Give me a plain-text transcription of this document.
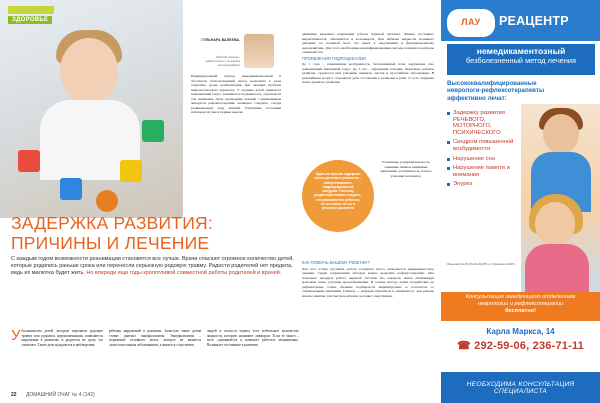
ЗДОРОВЬЕ
ГУЛЬНАРА ВАЛЕЕВА,
детский психолог, нейропсихолог с 8-летним опытом работы
Индивидуальный подход, немедикаментозный и абсолютно безболезненный метод позволяют в разы сократить сроки реабилитации при лечении проблем неврологического характера. У трудных детей снимается повышенный тонус, развивается подвижность, улучшается сон, внимание. Дети, прошедшие лечение с применением аппаратов рефлексотерапии, начинают говорить, следуя развивающему ходу занятий. Улучшение состояния наблюдается уже в первые недели.
ЗАДЕРЖКА РАЗВИТИЯ:
ПРИЧИНЫ И ЛЕЧЕНИЕ
С каждым годом возможности реанимации становятся все лучше. Врачи спасают огромное количество детей, которые родились раньше срока или перенесли серьезную родовую травму. Радости родителей нет предела, ведь их малютка будет жить. Но впереди еще годы кропотливой совместной работы родителей и врачей.
У большинства детей, которые пережили родовую травму или родились недоношенными, появляются нарушения в развитии, и родители не сразу это замечают. Такие дети нуждаются в наблюдении
ребенку нарушений в развитии. Зачастую такие детям ставят диагноз энцефалопатия. Энцефалопатия – поражение головного мозга, которое не является самостоятельным заболеванием, а является следствием
людей в полости черепа есть небольшое количество жидкости, которую называют ликвором. Если ее много – мозг сдавливается и начинает работать неправильно. Возникает отставание в развитии
22 ДОМАШНИЙ ОЧАГ № 4 (142)
движения вызывает нарушения работы нервной системы. Ликвор постоянно вырабатывается, обновляется и всасывается. При избытке жидкости возникает давление на головной мозг, что ведет к нарушениям и функциональному недоразвитию. Для этого необходимы квалифицированные методы лечения и контроль специалистов.
ПРОЯВЛЕНИЯ ГИДРОЦЕФАЛИИ
До 1 года – повышенная возбудимость, беспричинный плач, нарушение сна, повышенный мышечный тонус. До 3 лет – нарушения походки, медленное речевое развитие, трудности при усвоении навыков, чистая и простейшие заболевания. В дальнейшем возраст становится дети отставание в развитии и речи, то есть задержка психо-речевого развития.
Одна из причин задержки психо-речевого развития – гипертензионно-гидроцефальный синдром. Поэтому родителям важно следить, что развивается ребенок, не отставая ли он в речевом развитии
Утомление, раздражительность, снижение памяти, внимания, мышления, утомляемость, плохое усвоение материала.
КАК ПОМОЧЬ ВАШЕМУ РЕБЕНКУ?
Для того чтобы улучшить работу головного мозга, назначается медикаментозное лечение. Среди современных методов можно выделить рефлексотерапию. Она позволяет наладить работу нервной системы без лекарств, мягко активизируя мозговые зоны, улучшая кровообращение. В основе метода лежит воздействие на рефлекторные точки. Лечение подбирается индивидуально и сочетается со специальными занятиями. Главное — вовремя обратиться к специалисту: чем раньше начаты занятия, тем быстрее ребенок догоняет сверстников.
ЛАУ	РЕАЦЕНТР
немедикаментозный
безболезненный метод лечения
Высококвалифицированные неврологи-рефлексотерапевты эффективно лечат:
Задержку развития РЕЧЕВОГО, МОТОРНОГО, ПСИХИЧЕСКОГО
Синдром повышенной возбудимости
Нарушение сна
Нарушение памяти и внимания
Энурез
Лицензия № ЛО-59-01-002971 от 6 февраля 2015 г.
Консультация заведующего отделением
неврологии и рефлексотерапии
бесплатно!
Карла Маркса, 14
☎ 292-59-06, 236-71-11
НЕОБХОДИМА КОНСУЛЬТАЦИЯ СПЕЦИАЛИСТА
